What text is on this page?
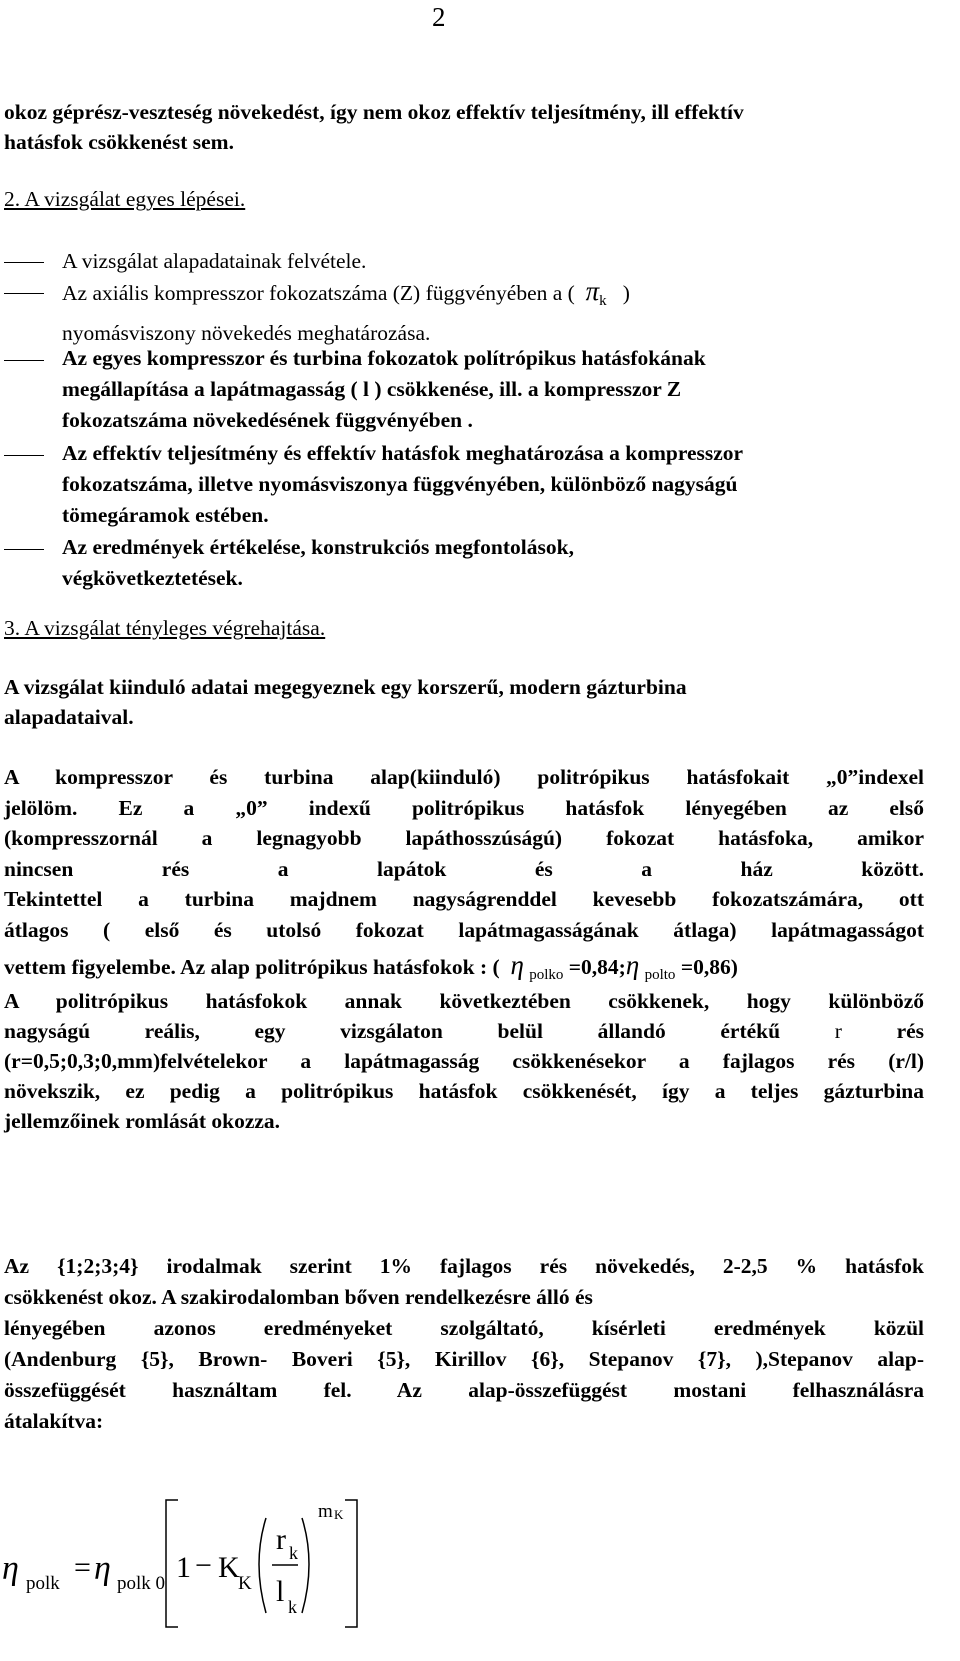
2

okoz géprész-veszteség növekedést, így nem okoz effektív teljesítmény, ill effektív
hatásfok csökkenést sem.

2. A vizsgálat egyes lépései.

A vizsgálat alapadatainak felvétele.

Az axiális kompresszor fokozatszáma (Z) függvényében a ( $\pi_k$ )
nyomásviszony növekedés meghatározása.

Az egyes kompresszor és turbina fokozatok polítrópikus hatásfokának
megállapítása a lapátmagasság ( l ) csökkenése, ill. a kompresszor Z
fokozatszáma növekedésének függvényében .

Az effektív teljesítmény és effektív hatásfok meghatározása a kompresszor
fokozatszáma, illetve nyomásviszonya függvényében, különböző nagyságú
tömegáramok estében.

Az eredmények értékelése, konstrukciós megfontolások,
végkövetkeztetések.

3. A vizsgálat tényleges végrehajtása.

A vizsgálat kiinduló adatai megegyeznek egy korszerű, modern gázturbina
alapadataival.

A kompresszor és turbina alap(kiinduló) politrópikus hatásfokait „0”indexel
jelölöm. Ez a „0” indexű politrópikus hatásfok lényegében az első
(kompresszornál a legnagyobb lapáthosszúságú) fokozat hatásfoka, amikor
nincsen rés a lapátok és a ház között.

Tekintettel a turbina majdnem nagyságrenddel kevesebb fokozatszámára, ott
átlagos ( első és utolsó fokozat lapátmagasságának átlaga) lapátmagasságot
vettem figyelembe. Az alap politrópikus hatásfokok : ( η $_{polko}$ =0,84;η $_{polto}$ =0,86)

A politrópikus hatásfokok annak következtében csökkenek, hogy különböző
nagyságú reális, egy vizsgálaton belül állandó értékű	r	rés
(r=0,5;0,3;0,mm)felvételekor a lapátmagasság csökkenésekor a fajlagos rés (r/l)
növekszik, ez pedig a politrópikus hatásfok csökkenését, így a teljes gázturbina
jellemzőinek romlását okozza.

Az {1;2;3;4} irodalmak szerint 1% fajlagos rés növekedés, 2-2,5 % hatásfok
csökkenést okoz. A szakirodalomban bőven rendelkezésre álló és
lényegében azonos eredményeket szolgáltató, kísérleti eredmények közül
(Andenburg {5}, Brown- Boveri {5}, Kirillov {6}, Stepanov {7}, ),Stepanov alap-
összefüggését használtam fel. Az alap-összefüggést mostani felhasználásra
átalakítva:

η polk = η polk 0 1 − K
K
r k
l k
m K
